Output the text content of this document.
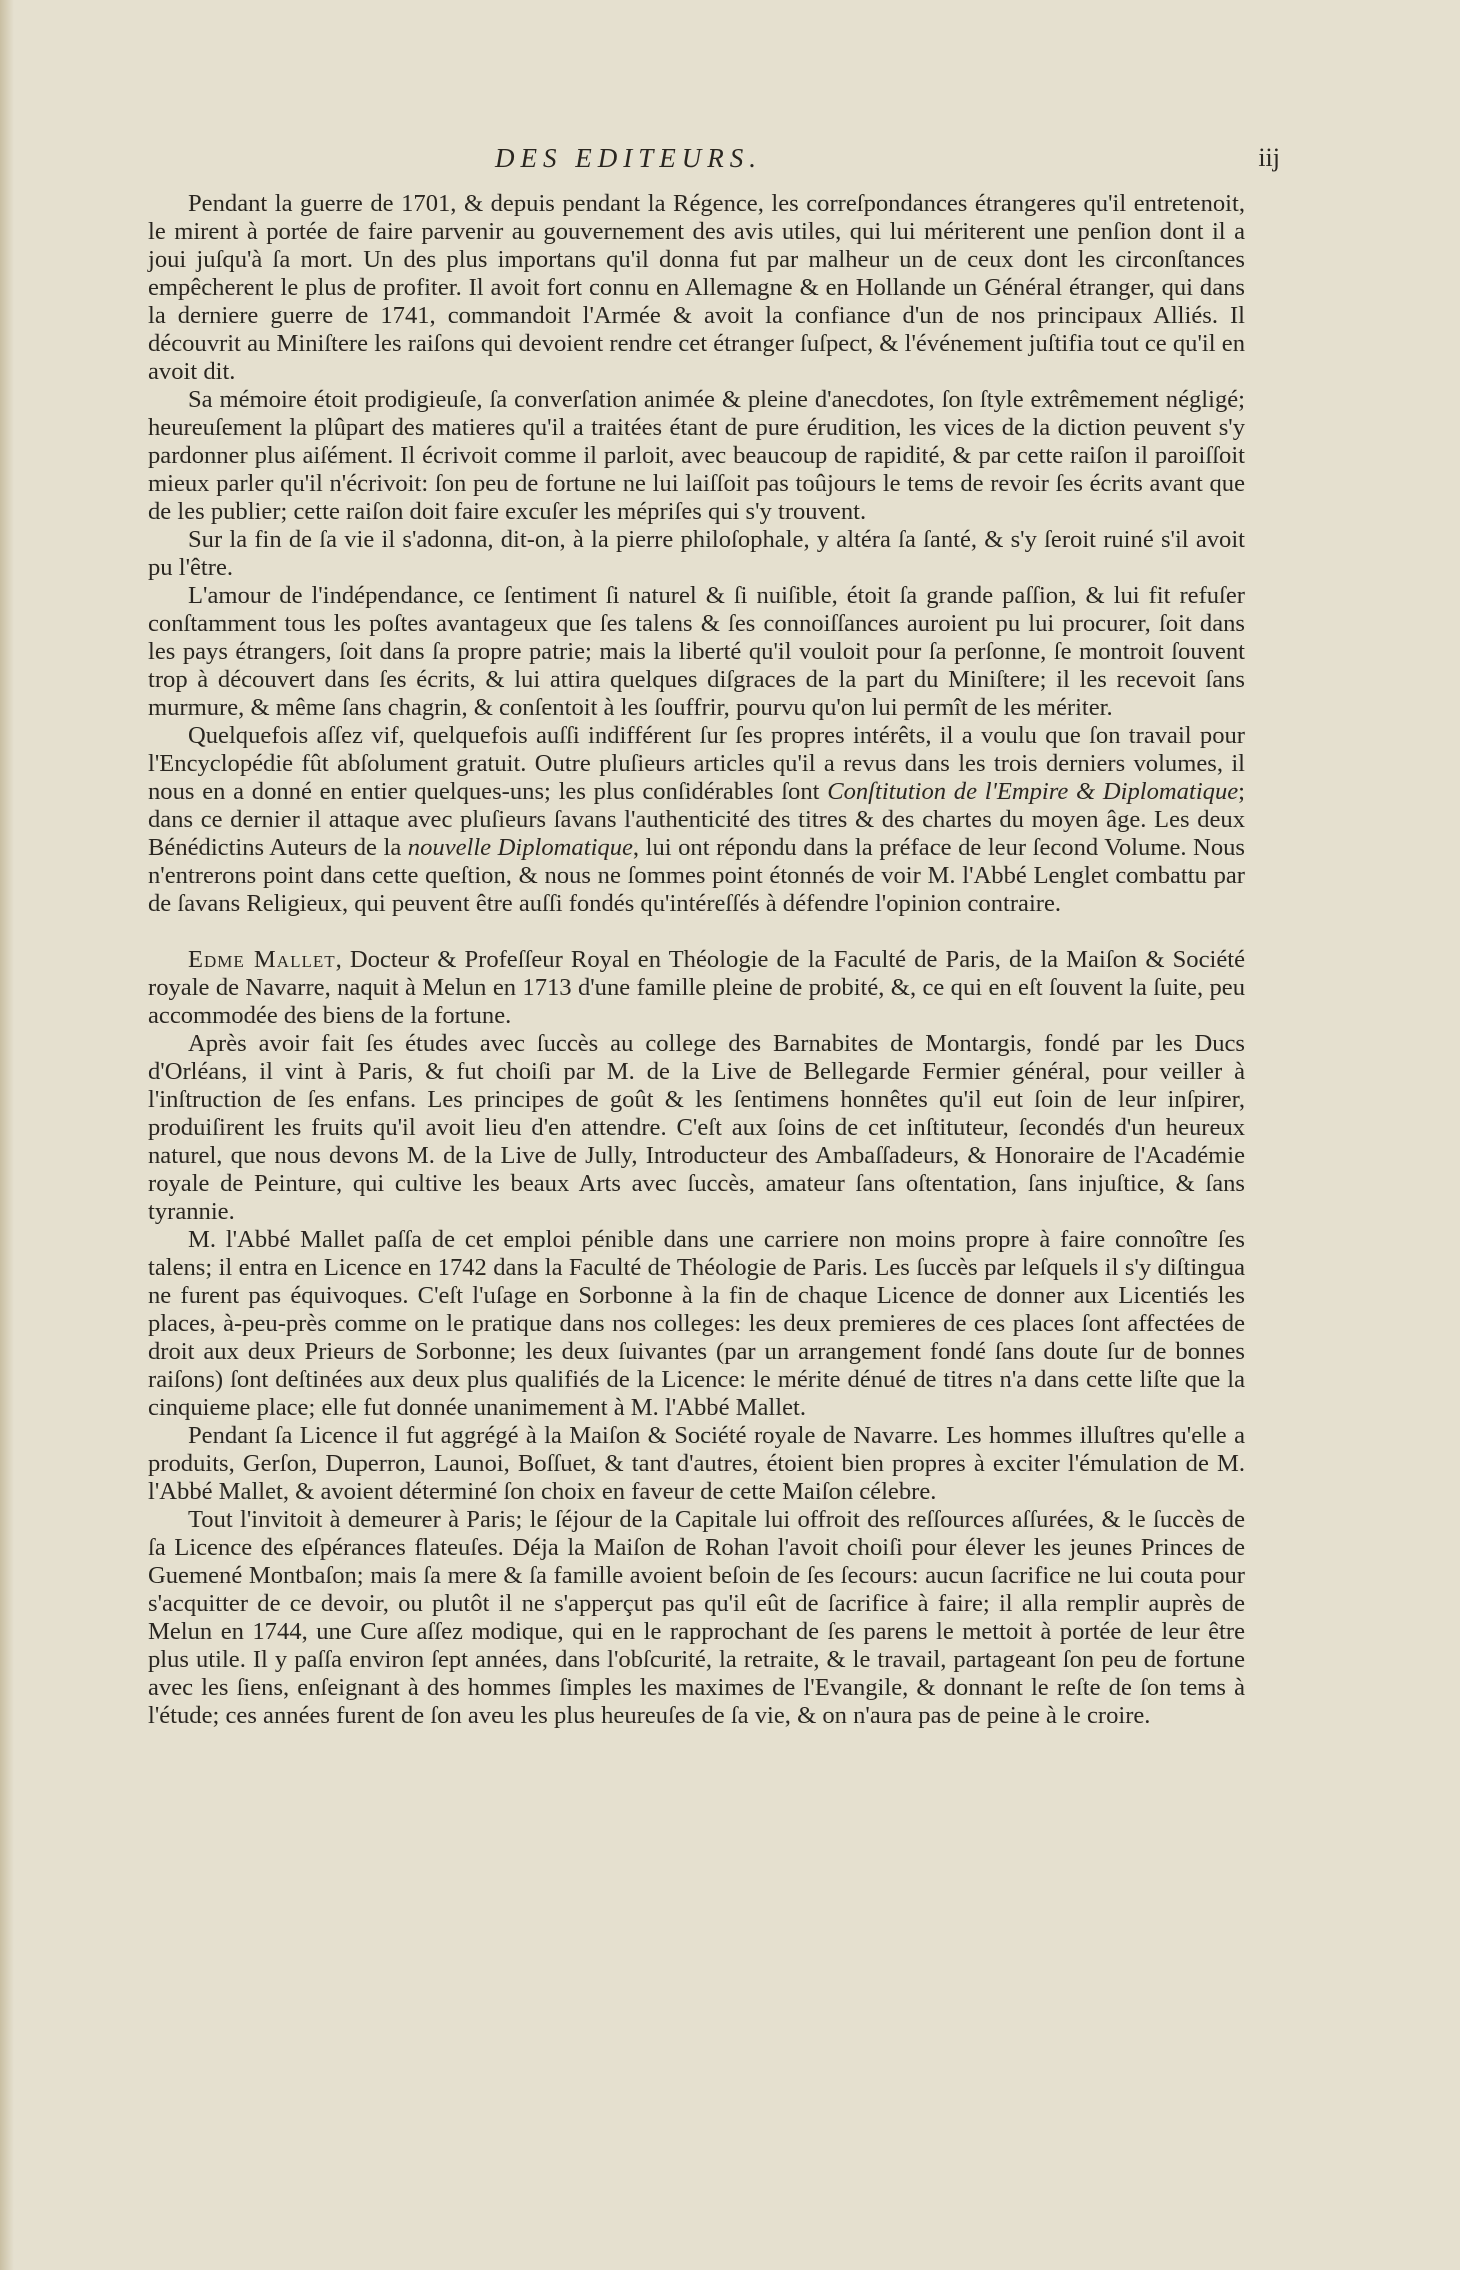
DES EDITEURS.	iij

Pendant la guerre de 1701, & depuis pendant la Régence, les correſpondances étrangeres qu'il entretenoit, le mirent à portée de faire parvenir au gouvernement des avis utiles, qui lui mériterent une penſion dont il a joui juſqu'à ſa mort. Un des plus importans qu'il donna fut par malheur un de ceux dont les circonſtances empêcherent le plus de profiter. Il avoit fort connu en Allemagne & en Hollande un Général étranger, qui dans la derniere guerre de 1741, commandoit l'Armée & avoit la confiance d'un de nos principaux Alliés. Il découvrit au Miniſtere les raiſons qui devoient rendre cet étranger ſuſpect, & l'événement juſtifia tout ce qu'il en avoit dit.

Sa mémoire étoit prodigieuſe, ſa converſation animée & pleine d'anecdotes, ſon ſtyle extrêmement négligé; heureuſement la plûpart des matieres qu'il a traitées étant de pure érudition, les vices de la diction peuvent s'y pardonner plus aiſément. Il écrivoit comme il parloit, avec beaucoup de rapidité, & par cette raiſon il paroiſſoit mieux parler qu'il n'écrivoit: ſon peu de fortune ne lui laiſſoit pas toûjours le tems de revoir ſes écrits avant que de les publier; cette raiſon doit faire excuſer les mépriſes qui s'y trouvent.

Sur la fin de ſa vie il s'adonna, dit-on, à la pierre philoſophale, y altéra ſa ſanté, & s'y ſeroit ruiné s'il avoit pu l'être.

L'amour de l'indépendance, ce ſentiment ſi naturel & ſi nuiſible, étoit ſa grande paſſion, & lui fit refuſer conſtamment tous les poſtes avantageux que ſes talens & ſes connoiſſances auroient pu lui procurer, ſoit dans les pays étrangers, ſoit dans ſa propre patrie; mais la liberté qu'il vouloit pour ſa perſonne, ſe montroit ſouvent trop à découvert dans ſes écrits, & lui attira quelques diſgraces de la part du Miniſtere; il les recevoit ſans murmure, & même ſans chagrin, & conſentoit à les ſouffrir, pourvu qu'on lui permît de les mériter.

Quelquefois aſſez vif, quelquefois auſſi indifférent ſur ſes propres intérêts, il a voulu que ſon travail pour l'Encyclopédie fût abſolument gratuit. Outre pluſieurs articles qu'il a revus dans les trois derniers volumes, il nous en a donné en entier quelques-uns; les plus conſidérables ſont Conſtitution de l'Empire & Diplomatique; dans ce dernier il attaque avec pluſieurs ſavans l'authenticité des titres & des chartes du moyen âge. Les deux Bénédictins Auteurs de la nouvelle Diplomatique, lui ont répondu dans la préface de leur ſecond Volume. Nous n'entrerons point dans cette queſtion, & nous ne ſommes point étonnés de voir M. l'Abbé Lenglet combattu par de ſavans Religieux, qui peuvent être auſſi fondés qu'intéreſſés à défendre l'opinion contraire.

Edme Mallet, Docteur & Profeſſeur Royal en Théologie de la Faculté de Paris, de la Maiſon & Société royale de Navarre, naquit à Melun en 1713 d'une famille pleine de probité, &, ce qui en eſt ſouvent la ſuite, peu accommodée des biens de la fortune.

Après avoir fait ſes études avec ſuccès au college des Barnabites de Montargis, fondé par les Ducs d'Orléans, il vint à Paris, & fut choiſi par M. de la Live de Bellegarde Fermier général, pour veiller à l'inſtruction de ſes enfans. Les principes de goût & les ſentimens honnêtes qu'il eut ſoin de leur inſpirer, produiſirent les fruits qu'il avoit lieu d'en attendre. C'eſt aux ſoins de cet inſtituteur, ſecondés d'un heureux naturel, que nous devons M. de la Live de Jully, Introducteur des Ambaſſadeurs, & Honoraire de l'Académie royale de Peinture, qui cultive les beaux Arts avec ſuccès, amateur ſans oſtentation, ſans injuſtice, & ſans tyrannie.

M. l'Abbé Mallet paſſa de cet emploi pénible dans une carriere non moins propre à faire connoître ſes talens; il entra en Licence en 1742 dans la Faculté de Théologie de Paris. Les ſuccès par leſquels il s'y diſtingua ne furent pas équivoques. C'eſt l'uſage en Sorbonne à la fin de chaque Licence de donner aux Licentiés les places, à-peu-près comme on le pratique dans nos colleges: les deux premieres de ces places ſont affectées de droit aux deux Prieurs de Sorbonne; les deux ſuivantes (par un arrangement fondé ſans doute ſur de bonnes raiſons) ſont deſtinées aux deux plus qualifiés de la Licence: le mérite dénué de titres n'a dans cette liſte que la cinquieme place; elle fut donnée unanimement à M. l'Abbé Mallet.

Pendant ſa Licence il fut aggrégé à la Maiſon & Société royale de Navarre. Les hommes illuſtres qu'elle a produits, Gerſon, Duperron, Launoi, Boſſuet, & tant d'autres, étoient bien propres à exciter l'émulation de M. l'Abbé Mallet, & avoient déterminé ſon choix en faveur de cette Maiſon célebre.

Tout l'invitoit à demeurer à Paris; le ſéjour de la Capitale lui offroit des reſſources aſſurées, & le ſuccès de ſa Licence des eſpérances flateuſes. Déja la Maiſon de Rohan l'avoit choiſi pour élever les jeunes Princes de Guemené Montbaſon; mais ſa mere & ſa famille avoient beſoin de ſes ſecours: aucun ſacrifice ne lui couta pour s'acquitter de ce devoir, ou plutôt il ne s'apperçut pas qu'il eût de ſacrifice à faire; il alla remplir auprès de Melun en 1744, une Cure aſſez modique, qui en le rapprochant de ſes parens le mettoit à portée de leur être plus utile. Il y paſſa environ ſept années, dans l'obſcurité, la retraite, & le travail, partageant ſon peu de fortune avec les ſiens, enſeignant à des hommes ſimples les maximes de l'Evangile, & donnant le reſte de ſon tems à l'étude; ces années furent de ſon aveu les plus heureuſes de ſa vie, & on n'aura pas de peine à le croire.
